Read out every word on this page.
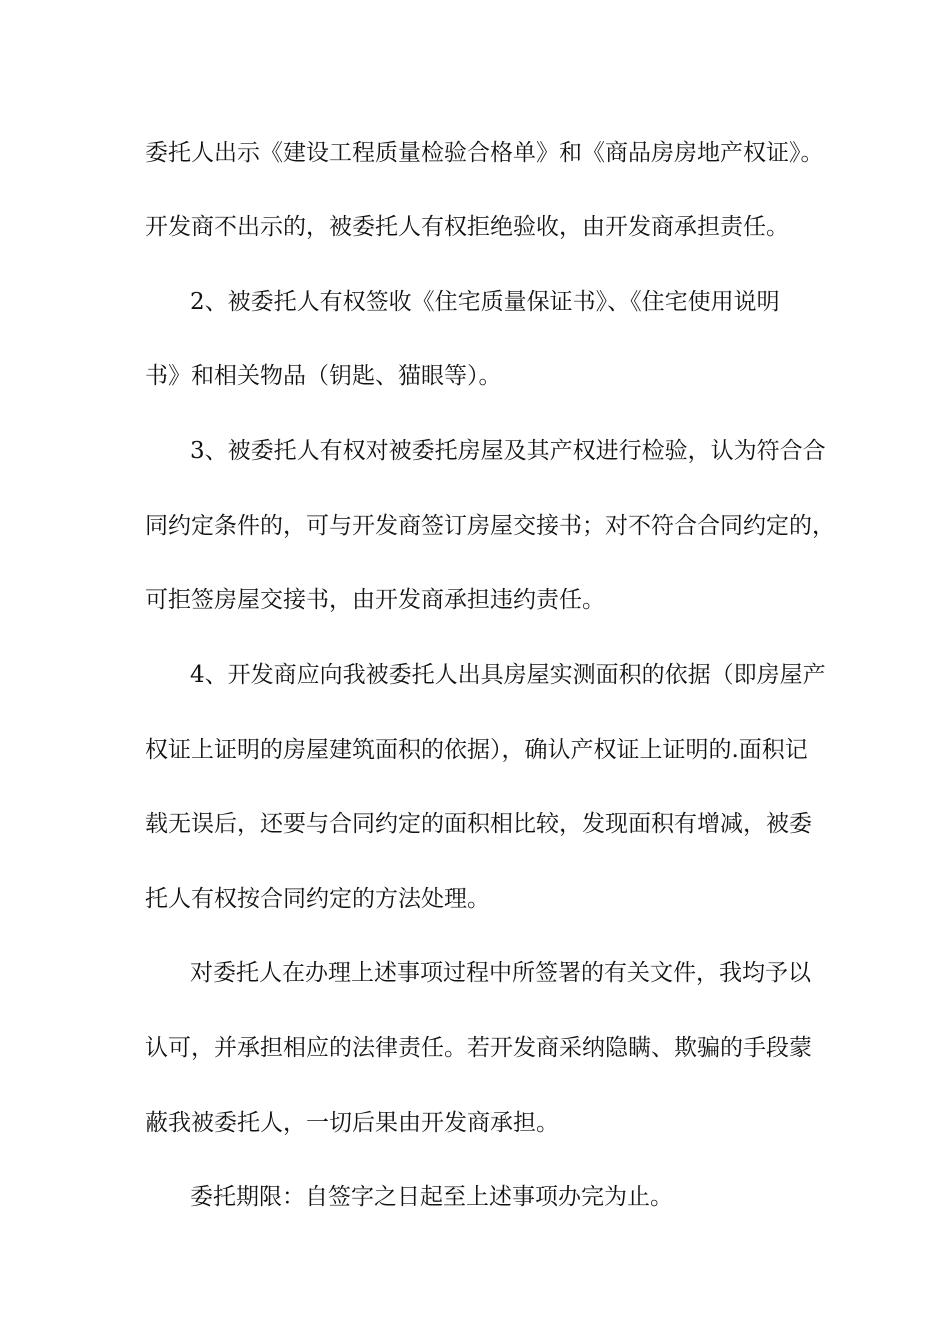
委托人出示《建设工程质量检验合格单》和《商品房房地产权证》。
开发商不出示的，被委托人有权拒绝验收，由开发商承担责任。
2、被委托人有权签收《住宅质量保证书》、《住宅使用说明
书》和相关物品（钥匙、猫眼等）。
3、被委托人有权对被委托房屋及其产权进行检验，认为符合合
同约定条件的，可与开发商签订房屋交接书；对不符合合同约定的，
可拒签房屋交接书，由开发商承担违约责任。
4、开发商应向我被委托人出具房屋实测面积的依据（即房屋产
权证上证明的房屋建筑面积的依据），确认产权证上证明的.面积记
载无误后，还要与合同约定的面积相比较，发现面积有增减，被委
托人有权按合同约定的方法处理。
对委托人在办理上述事项过程中所签署的有关文件，我均予以
认可，并承担相应的法律责任。若开发商采纳隐瞒、欺骗的手段蒙
蔽我被委托人，一切后果由开发商承担。
委托期限：自签字之日起至上述事项办完为止。
